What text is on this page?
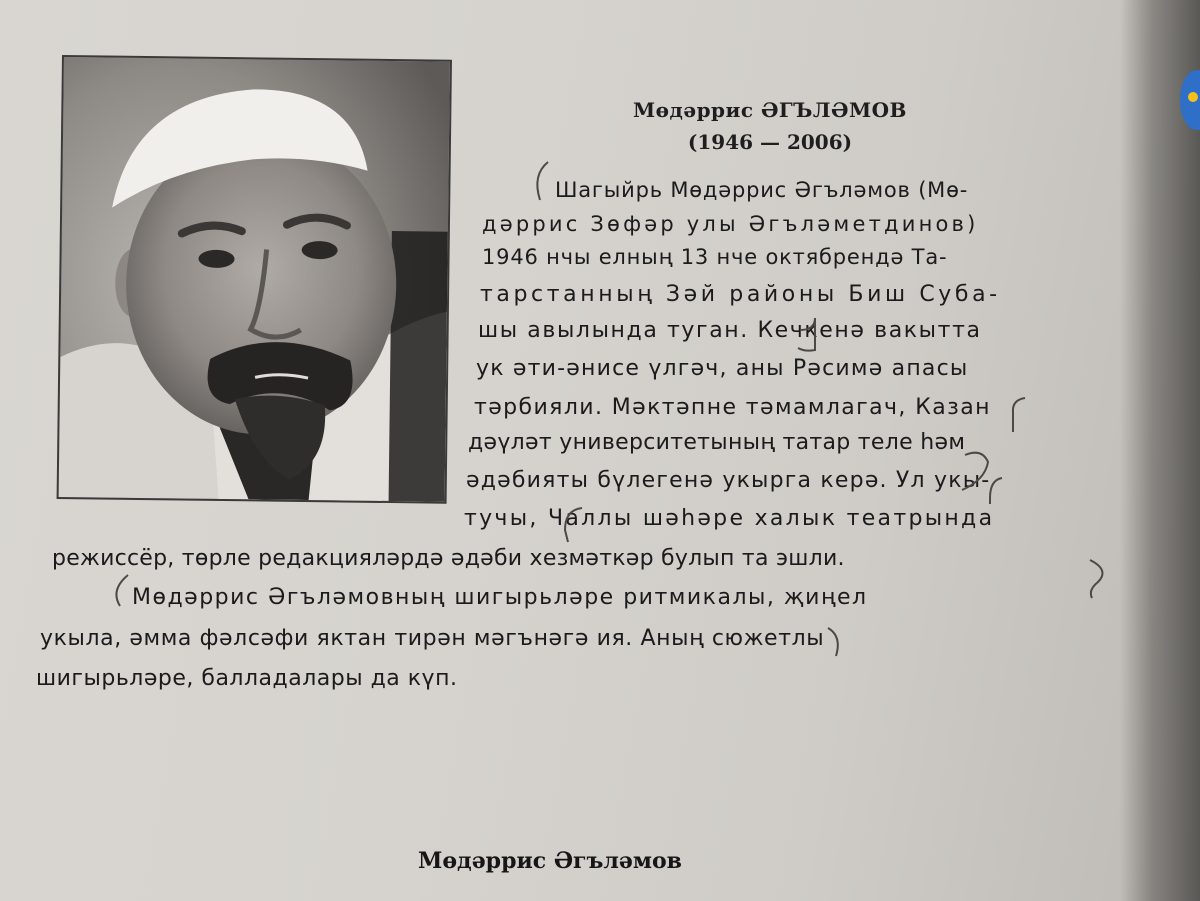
Мөдәррис ӘГЪЛӘМОВ
(1946 — 2006)
Шагыйрь Мөдәррис Әгъләмов (Мө-
дәррис Зөфәр улы Әгъләметдинов)
1946 нчы елның 13 нче октябрендә Та-
тарстанның Зәй районы Биш Суба-
шы авылында туган. Кечкенә вакытта
ук әти-әнисе үлгәч, аны Рәсимә апасы
тәрбияли. Мәктәпне тәмамлагач, Казан
дәүләт университетының татар теле һәм
әдәбияты бүлегенә укырга керә. Ул укы-
тучы, Чаллы шәһәре халык театрында
режиссёр, төрле редакцияләрдә әдәби хезмәткәр булып та эшли.
Мөдәррис Әгъләмовның шигырьләре ритмикалы, җиңел
укыла, әмма фәлсәфи яктан тирән мәгънәгә ия. Аның сюжетлы
шигырьләре, балладалары да күп.
Мөдәррис Әгъләмов
